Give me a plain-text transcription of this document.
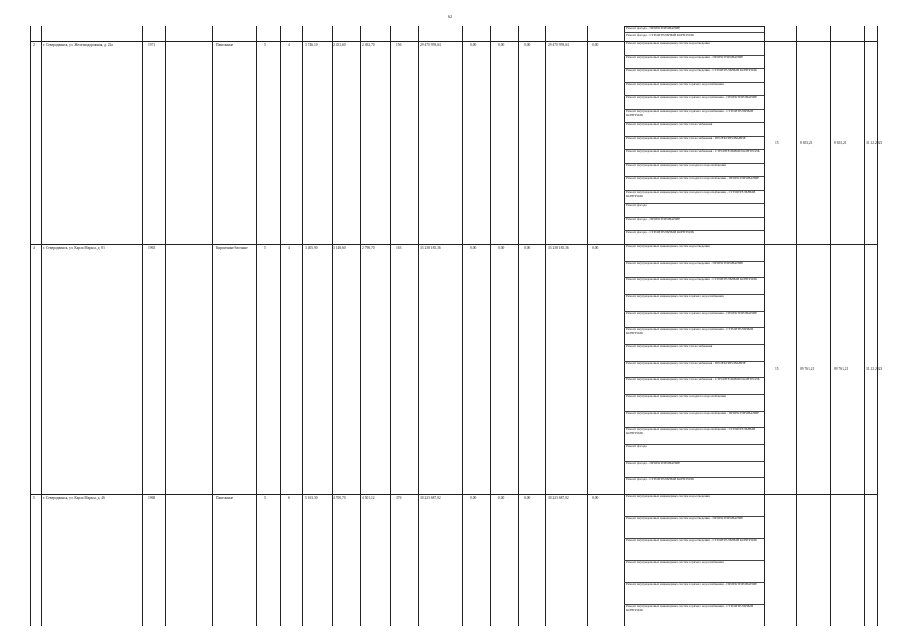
62
Ремонт фасада - ПРОЕКТИРОВАНИЕ
Ремонт фасада - СТРОИТЕЛЬНЫЙ КОНТРОЛЬ
2	г. Северодвинск, ул. Железнодорожная, д. 22а	1971	Панельные	5	4	3 746,10	2 431,60	2 492,70	156	29 470 959,04	0,00	0,00	0,00	29 470 959,04	0,00	Ремонт внутридомовых инженерных систем водоотведения
Ремонт внутридомовых инженерных систем водоотведения - ПРОЕКТИРОВАНИЕ
Ремонт внутридомовых инженерных систем водоотведения - СТРОИТЕЛЬНЫЙ КОНТРОЛЬ
Ремонт внутридомовых инженерных систем горячего водоснабжения
Ремонт внутридомовых инженерных систем горячего водоснабжения - ПРОЕКТИРОВАНИЕ
Ремонт внутридомовых инженерных систем горячего водоснабжения - СТРОИТЕЛЬНЫЙ КОНТРОЛЬ
Ремонт внутридомовых инженерных систем теплоснабжения
Ремонт внутридомовых инженерных систем теплоснабжения - ПРОЕКТИРОВАНИЕ
Ремонт внутридомовых инженерных систем теплоснабжения - СТРОИТЕЛЬНЫЙ КОНТРОЛЬ
Ремонт внутридомовых инженерных систем холодного водоснабжения
Ремонт внутридомовых инженерных систем холодного водоснабжения - ПРОЕКТИРОВАНИЕ
Ремонт внутридомовых инженерных систем холодного водоснабжения - СТРОИТЕЛЬНЫЙ КОНТРОЛЬ
Ремонт фасада
Ремонт фасада - ПРОЕКТИРОВАНИЕ
Ремонт фасада - СТРОИТЕЛЬНЫЙ КОНТРОЛЬ
15	8 653,21	8 653,21	31.12.2023
4	г. Северодвинск, ул. Карла Маркса, д. 81	1965	Кирпичные/блочные	5	4	3 405,90	3 148,60	2 798,70	163	33 238 185,36	0,00	0,00	0,00	33 238 185,36	0,00	Ремонт внутридомовых инженерных систем водоотведения
Ремонт внутридомовых инженерных систем водоотведения - ПРОЕКТИРОВАНИЕ
Ремонт внутридомовых инженерных систем водоотведения - СТРОИТЕЛЬНЫЙ КОНТРОЛЬ
Ремонт внутридомовых инженерных систем горячего водоснабжения
Ремонт внутридомовых инженерных систем горячего водоснабжения - ПРОЕКТИРОВАНИЕ
Ремонт внутридомовых инженерных систем горячего водоснабжения - СТРОИТЕЛЬНЫЙ КОНТРОЛЬ
Ремонт внутридомовых инженерных систем теплоснабжения
Ремонт внутридомовых инженерных систем теплоснабжения - ПРОЕКТИРОВАНИЕ
Ремонт внутридомовых инженерных систем теплоснабжения - СТРОИТЕЛЬНЫЙ КОНТРОЛЬ
Ремонт внутридомовых инженерных систем холодного водоснабжения
Ремонт внутридомовых инженерных систем холодного водоснабжения - ПРОЕКТИРОВАНИЕ
Ремонт внутридомовых инженерных систем холодного водоснабжения - СТРОИТЕЛЬНЫЙ КОНТРОЛЬ
Ремонт фасада
Ремонт фасада - ПРОЕКТИРОВАНИЕ
Ремонт фасада - СТРОИТЕЛЬНЫЙ КОНТРОЛЬ
15	09 761,21	09 761,21	31.12.2023
5	г. Северодвинск, ул. Карла Маркса, д. 46	1968	Панельные	5	6	5 163,30	4 700,70	4 501,12	376	30 223 687,02	0,00	0,00	0,00	30 223 687,02	0,00	Ремонт внутридомовых инженерных систем водоотведения
Ремонт внутридомовых инженерных систем водоотведения - ПРОЕКТИРОВАНИЕ
Ремонт внутридомовых инженерных систем водоотведения - СТРОИТЕЛЬНЫЙ КОНТРОЛЬ
Ремонт внутридомовых инженерных систем горячего водоснабжения
Ремонт внутридомовых инженерных систем горячего водоснабжения - ПРОЕКТИРОВАНИЕ
Ремонт внутридомовых инженерных систем горячего водоснабжения - СТРОИТЕЛЬНЫЙ КОНТРОЛЬ
